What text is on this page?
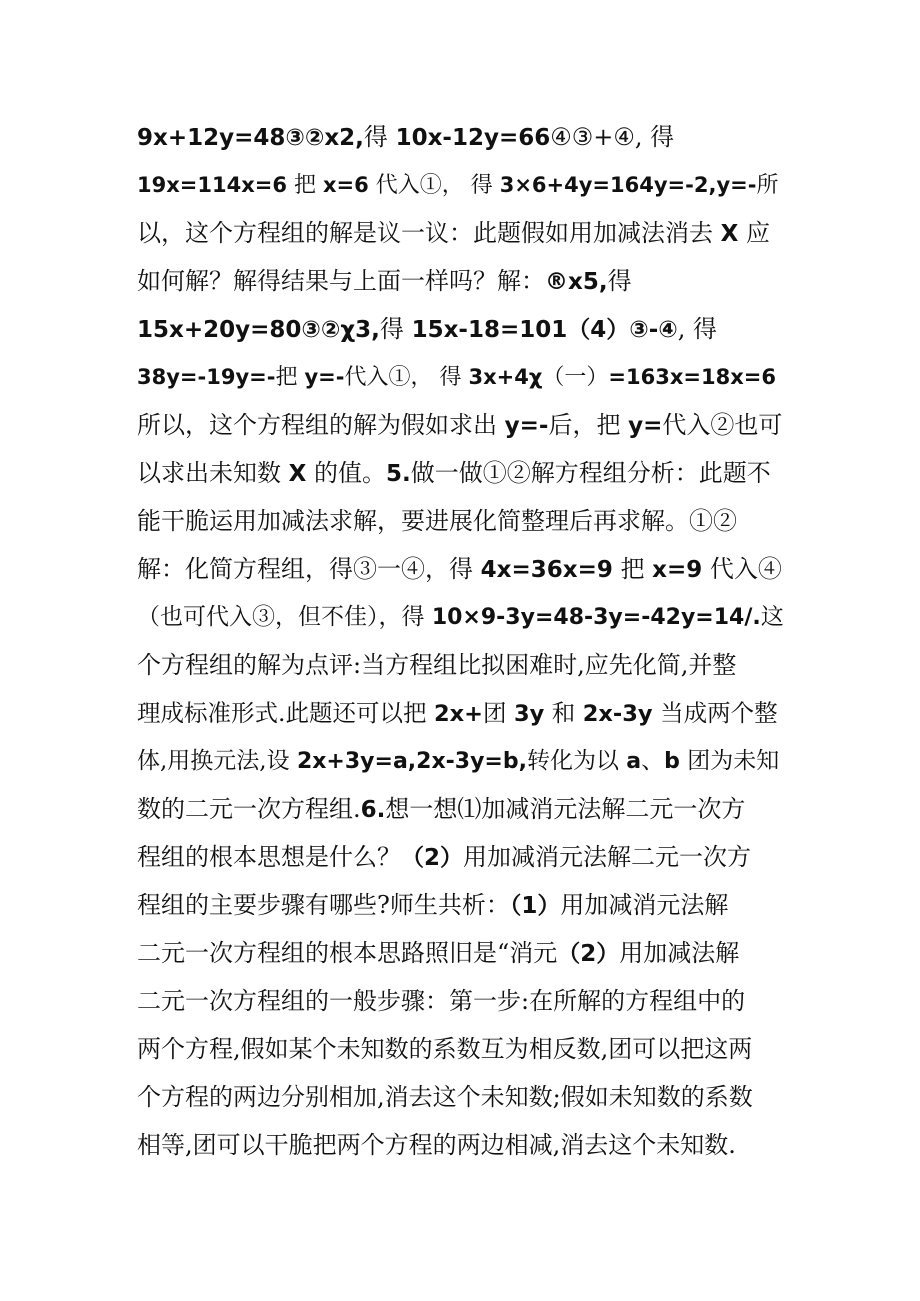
9x+12y=48③②x2,得 10x-12y=66④③+④, 得
19x=114x=6 把 x=6 代入①， 得 3×6+4y=164y=-2,y=-所
以，这个方程组的解是议一议：此题假如用加减法消去 X 应
如何解？解得结果与上面一样吗？解：®x5,得
15x+20y=80③②χ3,得 15x-18=101（4）③-④, 得
38y=-19y=-把 y=-代入①， 得 3x+4χ（一）=163x=18x=6
所以，这个方程组的解为假如求出 y=-后，把 y=代入②也可
以求出未知数 X 的值。5.做一做①②解方程组分析：此题不
能干脆运用加减法求解，要进展化简整理后再求解。①②
解：化简方程组，得③一④，得 4x=36x=9 把 x=9 代入④
（也可代入③，但不佳），得 10×9-3y=48-3y=-42y=14/.这
个方程组的解为点评:当方程组比拟困难时,应先化简,并整
理成标准形式.此题还可以把 2x+团 3y 和 2x-3y 当成两个整
体,用换元法,设 2x+3y=a,2x-3y=b,转化为以 a、b 团为未知
数的二元一次方程组.6.想一想⑴加减消元法解二元一次方
程组的根本思想是什么？（2）用加减消元法解二元一次方
程组的主要步骤有哪些?师生共析：（1）用加减消元法解
二元一次方程组的根本思路照旧是“消元（2）用加减法解
二元一次方程组的一般步骤：第一步:在所解的方程组中的
两个方程,假如某个未知数的系数互为相反数,团可以把这两
个方程的两边分别相加,消去这个未知数;假如未知数的系数
相等,团可以干脆把两个方程的两边相减,消去这个未知数.
